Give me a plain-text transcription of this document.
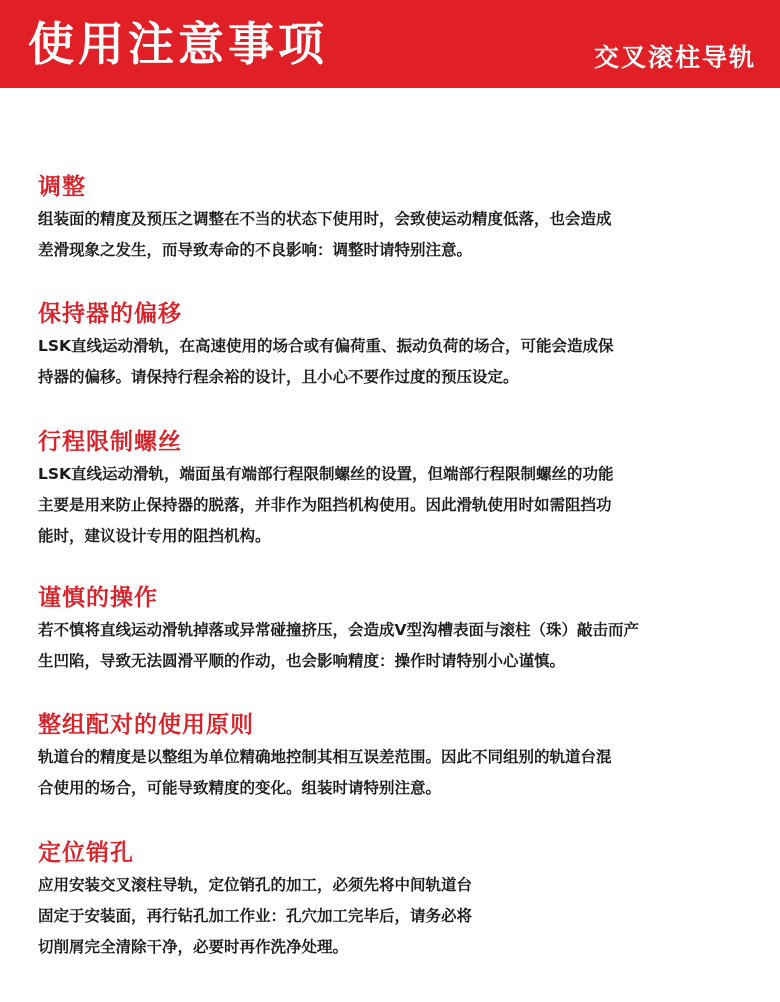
使用注意事项	交叉滚柱导轨
调整
组装面的精度及预压之调整在不当的状态下使用时，会致使运动精度低落，也会造成
差滑现象之发生，而导致寿命的不良影响：调整时请特别注意。
保持器的偏移
LSK直线运动滑轨，在高速使用的场合或有偏荷重、振动负荷的场合，可能会造成保
持器的偏移。请保持行程余裕的设计，且小心不要作过度的预压设定。
行程限制螺丝
LSK直线运动滑轨，端面虽有端部行程限制螺丝的设置，但端部行程限制螺丝的功能
主要是用来防止保持器的脱落，并非作为阻挡机构使用。因此滑轨使用时如需阻挡功
能时，建议设计专用的阻挡机构。
谨慎的操作
若不慎将直线运动滑轨掉落或异常碰撞挤压，会造成V型沟槽表面与滚柱（珠）敲击而产
生凹陷，导致无法圆滑平顺的作动，也会影响精度：操作时请特别小心谨慎。
整组配对的使用原则
轨道台的精度是以整组为单位精确地控制其相互误差范围。因此不同组别的轨道台混
合使用的场合，可能导致精度的变化。组装时请特别注意。
定位销孔
应用安装交叉滚柱导轨，定位销孔的加工，必须先将中间轨道台
固定于安装面，再行钻孔加工作业：孔穴加工完毕后，请务必将
切削屑完全清除干净，必要时再作洗净处理。
